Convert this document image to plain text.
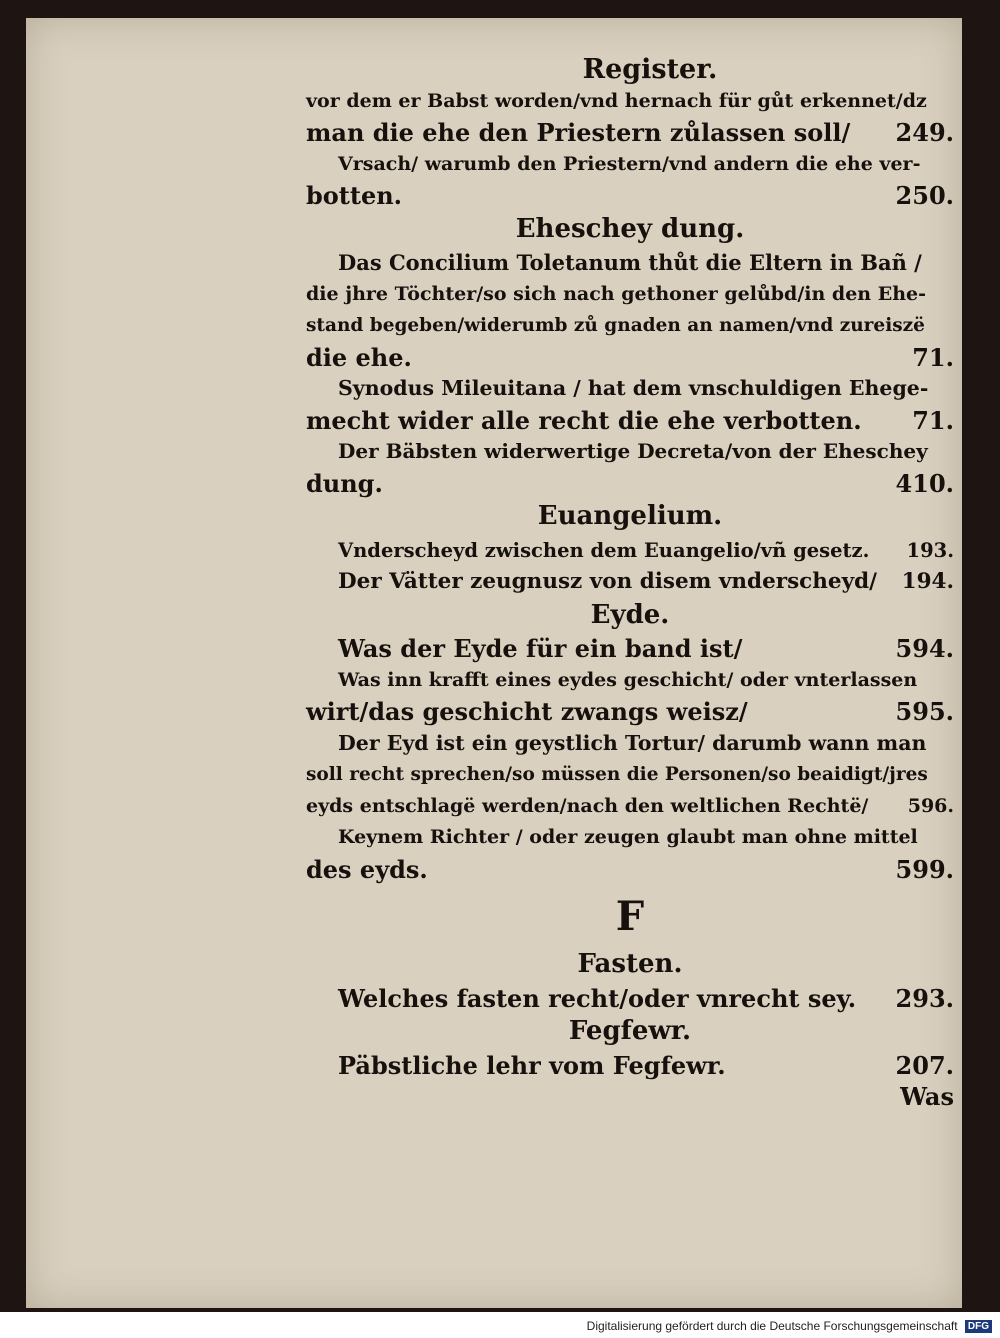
Register.
vor dem er Babst worden/vnd hernach für gůt erkennet/dz
man die ehe den Priestern zůlassen soll/	249.
Vrsach/ warumb den Priestern/vnd andern die ehe ver-
botten.	250.
Eheschey dung.
Das Concilium Toletanum thůt die Eltern in Bañ /
die jhre Töchter/so sich nach gethoner gelůbd/in den Ehe-
stand begeben/widerumb zů gnaden an namen/vnd zureiszë
die ehe.	71.
Synodus Mileuitana / hat dem vnschuldigen Ehege-
mecht wider alle recht die ehe verbotten.	71.
Der Bäbsten widerwertige Decreta/von der Eheschey
dung.	410.
Euangelium.
Vnderscheyd zwischen dem Euangelio/vñ gesetz.	193.
Der Vätter zeugnusz von disem vnderscheyd/	194.
Eyde.
Was der Eyde für ein band ist/	594.
Was inn krafft eines eydes geschicht/ oder vnterlassen
wirt/das geschicht zwangs weisz/	595.
Der Eyd ist ein geystlich Tortur/ darumb wann man
soll recht sprechen/so müssen die Personen/so beaidigt/jres
eyds entschlagë werden/nach den weltlichen Rechtë/	596.
Keynem Richter / oder zeugen glaubt man ohne mittel
des eyds.	599.
F
Fasten.
Welches fasten recht/oder vnrecht sey.	293.
Fegfewr.
Päbstliche lehr vom Fegfewr.	207.
Was
Digitalisierung gefördert durch die Deutsche Forschungsgemeinschaft DFG
